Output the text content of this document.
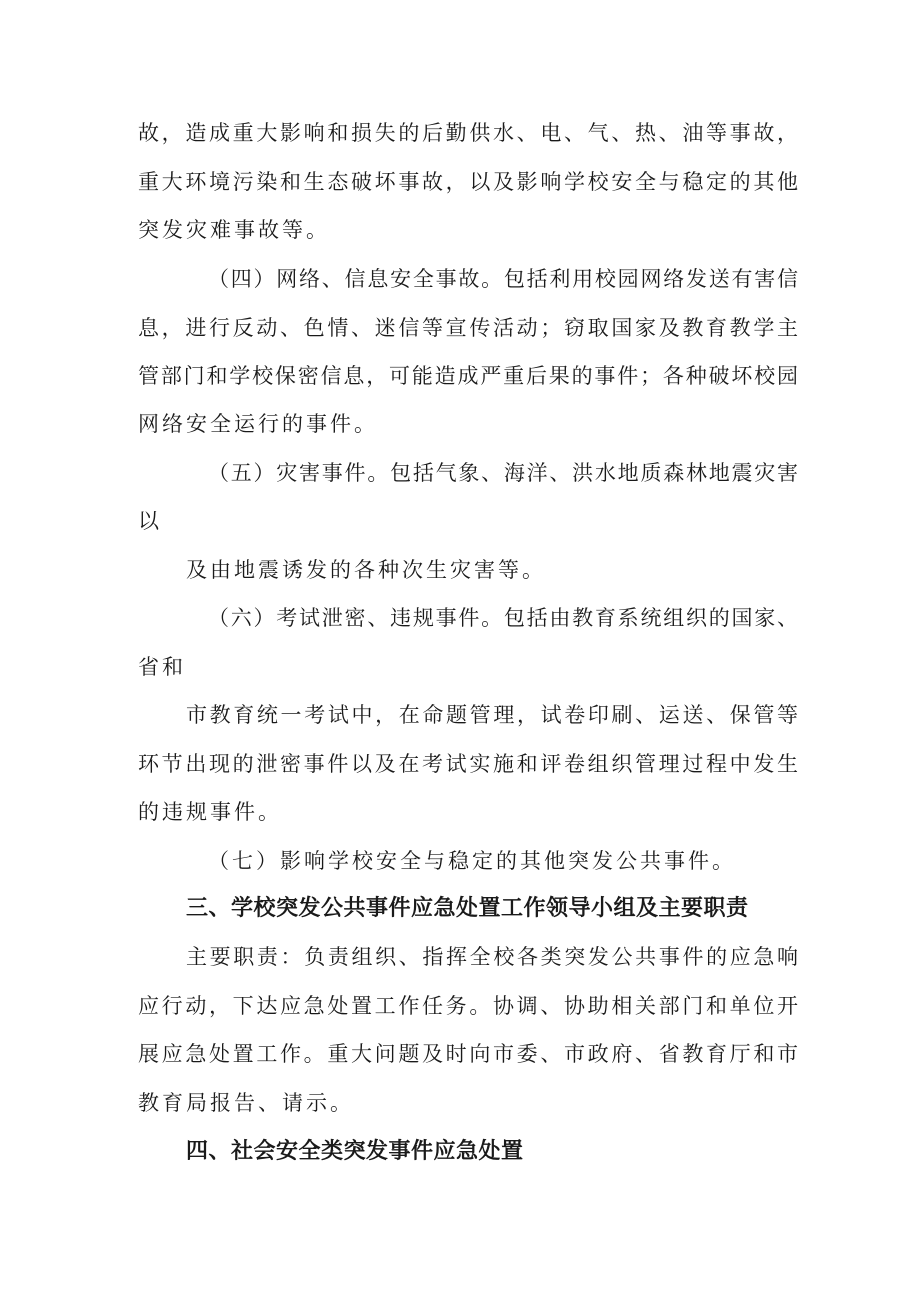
故，造成重大影响和损失的后勤供水、电、气、热、油等事故，
重大环境污染和生态破坏事故，以及影响学校安全与稳定的其他
突发灾难事故等。
（四）网络、信息安全事故。包括利用校园网络发送有害信
息，进行反动、色情、迷信等宣传活动；窃取国家及教育教学主
管部门和学校保密信息，可能造成严重后果的事件；各种破坏校园
网络安全运行的事件。
（五）灾害事件。包括气象、海洋、洪水地质森林地震灾害
以
及由地震诱发的各种次生灾害等。
（六）考试泄密、违规事件。包括由教育系统组织的国家、
省和
市教育统一考试中，在命题管理，试卷印刷、运送、保管等
环节出现的泄密事件以及在考试实施和评卷组织管理过程中发生
的违规事件。
（七）影响学校安全与稳定的其他突发公共事件。
三、学校突发公共事件应急处置工作领导小组及主要职责
主要职责：负责组织、指挥全校各类突发公共事件的应急响
应行动，下达应急处置工作任务。协调、协助相关部门和单位开
展应急处置工作。重大问题及时向市委、市政府、省教育厅和市
教育局报告、请示。
四、社会安全类突发事件应急处置
